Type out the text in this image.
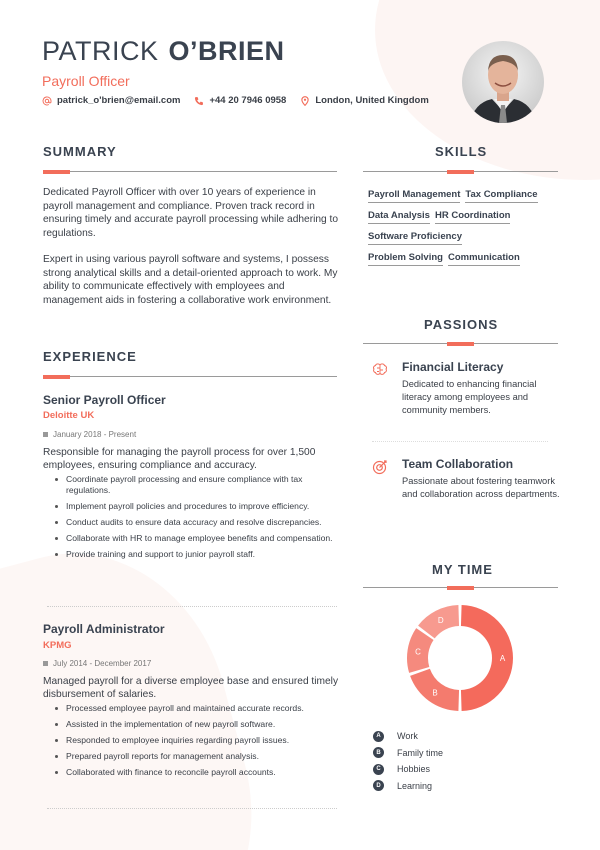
PATRICK O’BRIEN
Payroll Officer
patrick_o'brien@email.com	+44 20 7946 0958	London, United Kingdom
SUMMARY
Dedicated Payroll Officer with over 10 years of experience in payroll management and compliance. Proven track record in ensuring timely and accurate payroll processing while adhering to regulations.
Expert in using various payroll software and systems, I possess strong analytical skills and a detail-oriented approach to work. My ability to communicate effectively with employees and management aids in fostering a collaborative work environment.
EXPERIENCE
Senior Payroll Officer
Deloitte UK
January 2018 - Present
Responsible for managing the payroll process for over 1,500 employees, ensuring compliance and accuracy.
Coordinate payroll processing and ensure compliance with tax regulations.
Implement payroll policies and procedures to improve efficiency.
Conduct audits to ensure data accuracy and resolve discrepancies.
Collaborate with HR to manage employee benefits and compensation.
Provide training and support to junior payroll staff.
Payroll Administrator
KPMG
July 2014 - December 2017
Managed payroll for a diverse employee base and ensured timely disbursement of salaries.
Processed employee payroll and maintained accurate records.
Assisted in the implementation of new payroll software.
Responded to employee inquiries regarding payroll issues.
Prepared payroll reports for management analysis.
Collaborated with finance to reconcile payroll accounts.
SKILLS
Payroll Management Tax Compliance
Data Analysis HR Coordination
Software Proficiency
Problem Solving Communication
PASSIONS
Financial Literacy
Dedicated to enhancing financial literacy among employees and community members.
Team Collaboration
Passionate about fostering teamwork and collaboration across departments.
MY TIME
A
B
C
D
A	Work
B	Family time
C	Hobbies
D	Learning
